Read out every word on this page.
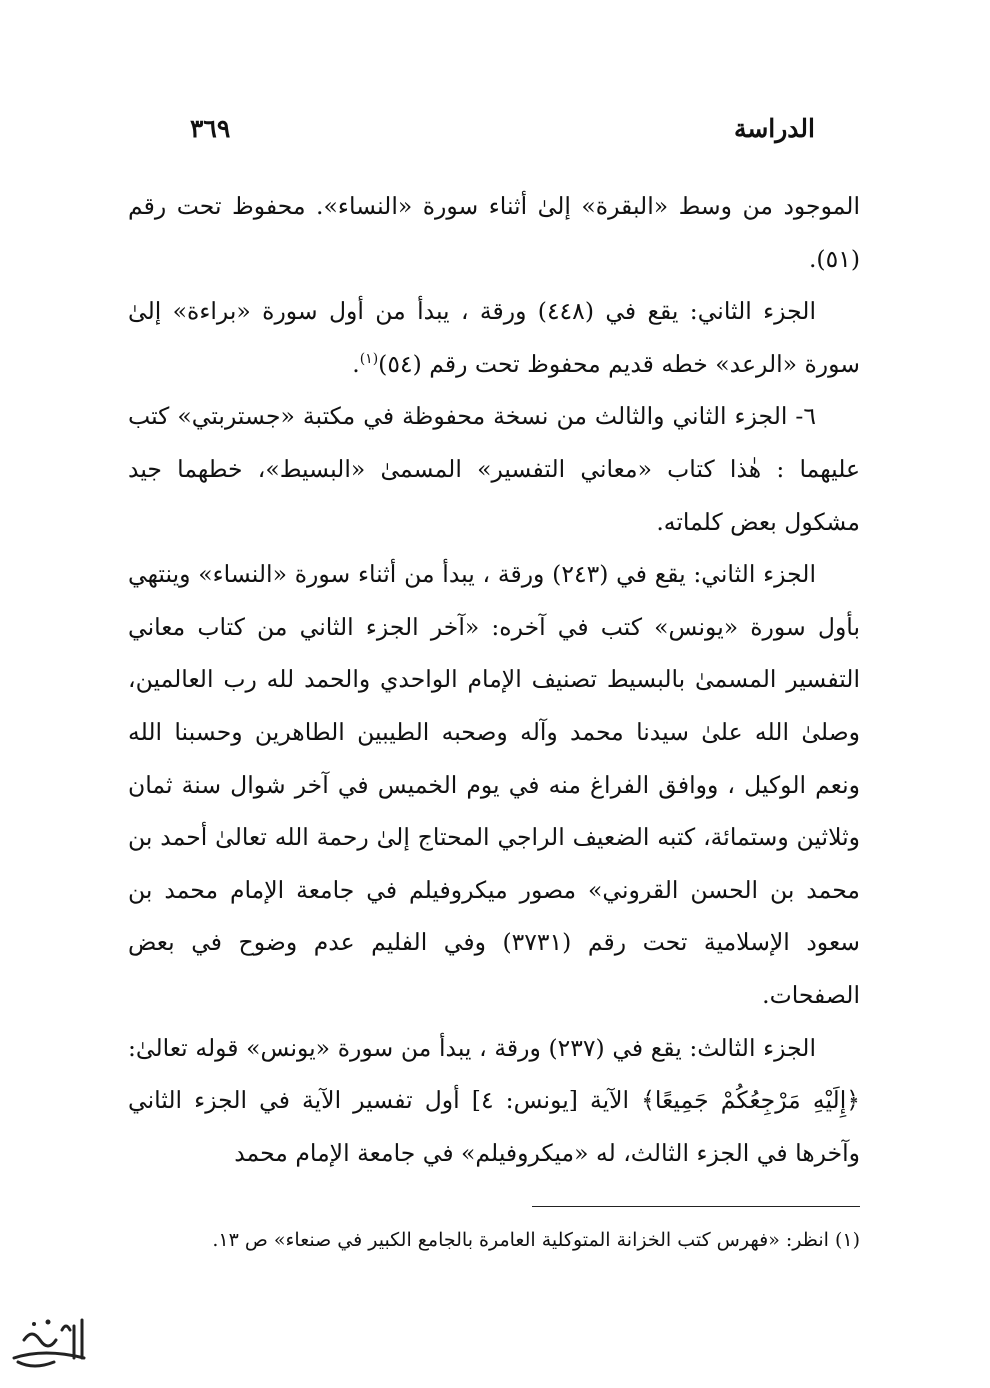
الدراسة
٣٦٩

الموجود من وسط «البقرة» إلىٰ أثناء سورة «النساء». محفوظ تحت رقم (٥١).

الجزء الثاني: يقع في (٤٤٨) ورقة ، يبدأ من أول سورة «براءة» إلىٰ سورة «الرعد» خطه قديم محفوظ تحت رقم (٥٤)$^{(١)}$.

٦- الجزء الثاني والثالث من نسخة محفوظة في مكتبة «جستربتي» كتب عليهما : هٰذا كتاب «معاني التفسير» المسمىٰ «البسيط»، خطهما جيد مشكول بعض كلماته.

الجزء الثاني: يقع في (٢٤٣) ورقة ، يبدأ من أثناء سورة «النساء» وينتهي بأول سورة «يونس» كتب في آخره: «آخر الجزء الثاني من كتاب معاني التفسير المسمىٰ بالبسيط تصنيف الإمام الواحدي والحمد لله رب العالمين، وصلىٰ الله علىٰ سيدنا محمد وآله وصحبه الطيبين الطاهرين وحسبنا الله ونعم الوكيل ، ووافق الفراغ منه في يوم الخميس في آخر شوال سنة ثمان وثلاثين وستمائة، كتبه الضعيف الراجي المحتاج إلىٰ رحمة الله تعالىٰ أحمد بن محمد بن الحسن القروني» مصور ميكروفيلم في جامعة الإمام محمد بن سعود الإسلامية تحت رقم (٣٧٣١) وفي الفليم عدم وضوح في بعض الصفحات.

الجزء الثالث: يقع في (٢٣٧) ورقة ، يبدأ من سورة «يونس» قوله تعالىٰ: ﴿إِلَيْهِ مَرْجِعُكُمْ جَمِيعًا﴾ الآية [يونس: ٤] أول تفسير الآية في الجزء الثاني وآخرها في الجزء الثالث، له «ميكروفيلم» في جامعة الإمام محمد

(١) انظر: «فهرس كتب الخزانة المتوكلية العامرة بالجامع الكبير في صنعاء» ص ١٣.
